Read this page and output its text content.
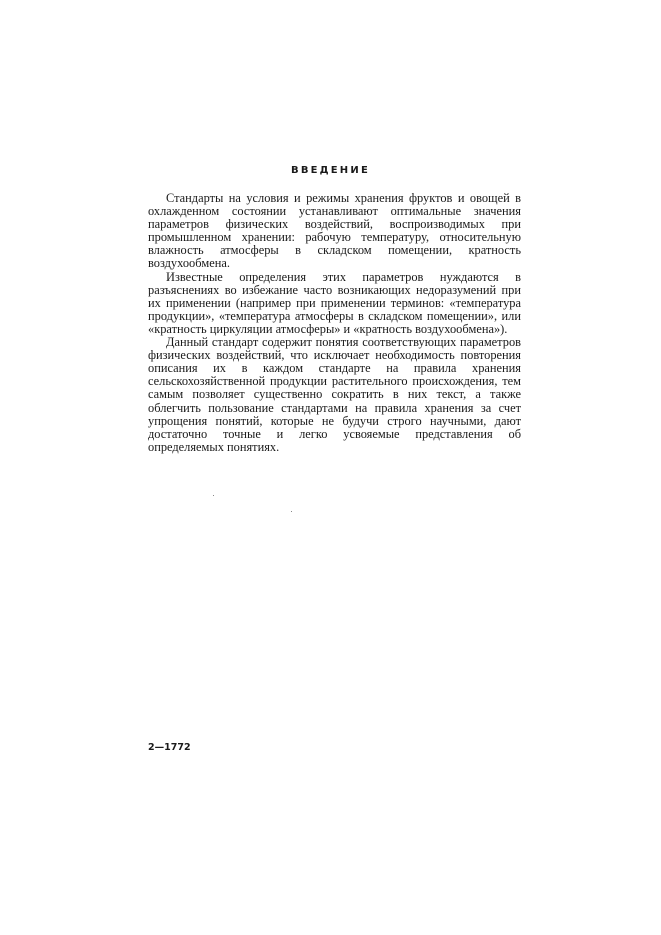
ВВЕДЕНИЕ

Стандарты на условия и режимы хранения фруктов и овощей в охлажденном состоянии устанавливают оптимальные значения параметров физических воздействий, воспроизводимых при промышленном хранении: рабочую температуру, относительную влажность атмосферы в складском помещении, кратность воздухообмена.

Известные определения этих параметров нуждаются в разъяснениях во избежание часто возникающих недоразумений при их применении (например при применении терминов: «температура продукции», «температура атмосферы в складском помещении», или «кратность циркуляции атмосферы» и «кратность воздухообмена»).

Данный стандарт содержит понятия соответствующих параметров физических воздействий, что исключает необходимость повторения описания их в каждом стандарте на правила хранения сельскохозяйственной продукции растительного происхождения, тем самым позволяет существенно сократить в них текст, а также облегчить пользование стандартами на правила хранения за счет упрощения понятий, которые не будучи строго научными, дают достаточно точные и легко усвояемые представления об определяемых понятиях.

2—1772
